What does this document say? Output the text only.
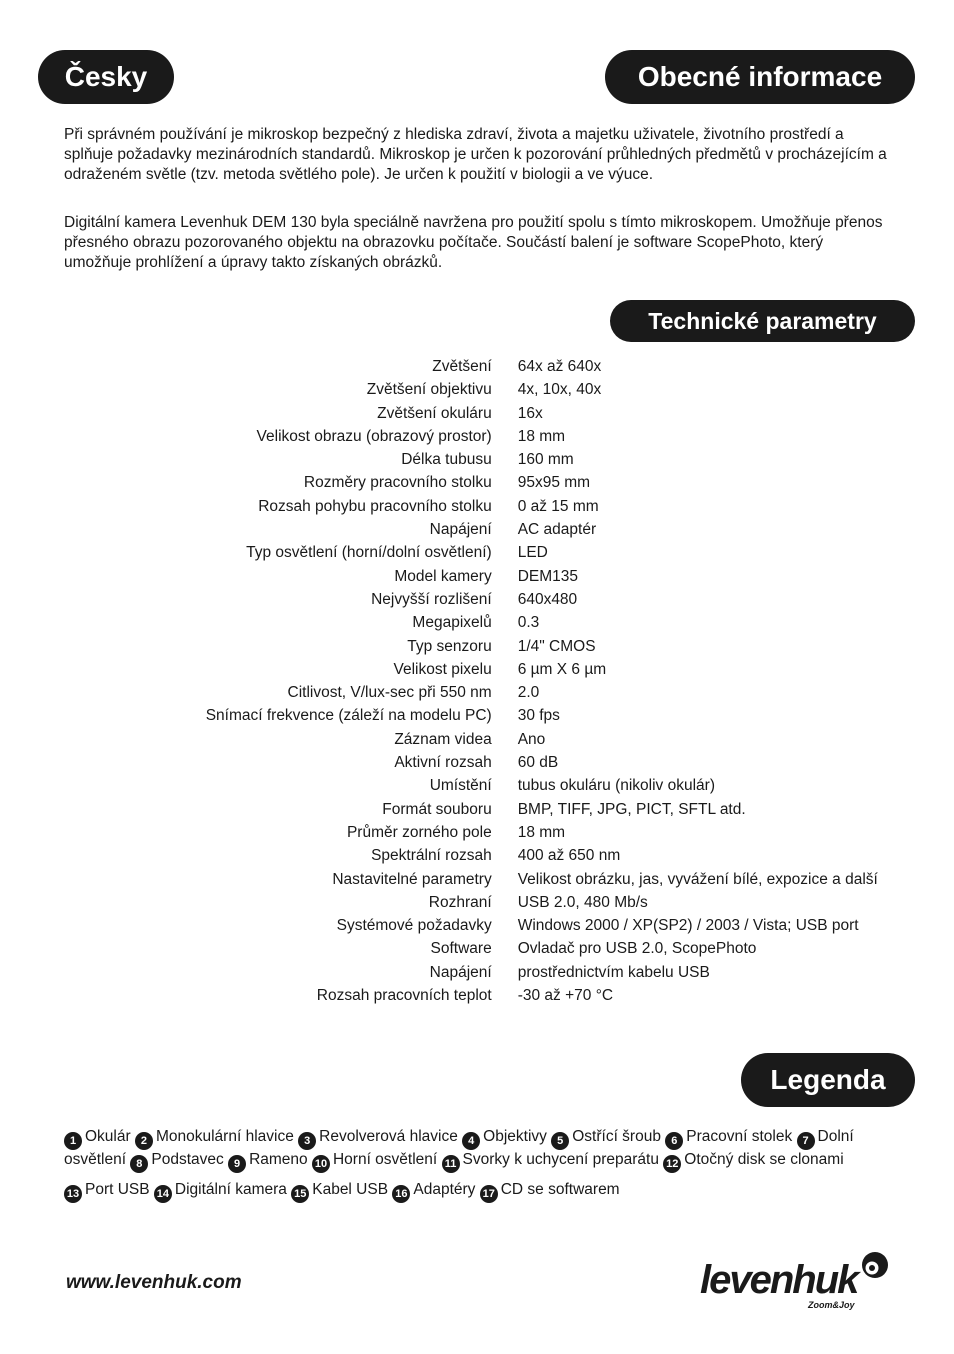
Česky	Obecné informace

Při správném používání je mikroskop bezpečný z hlediska zdraví, života a majetku uživatele, životního prostředí a splňuje požadavky mezinárodních standardů. Mikroskop je určen k pozorování průhledných předmětů v procházejícím a odraženém světle (tzv. metoda světlého pole). Je určen k použití v biologii a ve výuce.

Digitální kamera Levenhuk DEM 130 byla speciálně navržena pro použití spolu s tímto mikroskopem. Umožňuje přenos přesného obrazu pozorovaného objektu na obrazovku počítače. Součástí balení je software ScopePhoto, který umožňuje prohlížení a úpravy takto získaných obrázků.

Technické parametry
Zvětšení	64x až 640x
Zvětšení objektivu	4x, 10x, 40x
Zvětšení okuláru	16x
Velikost obrazu (obrazový prostor)	18 mm
Délka tubusu	160 mm
Rozměry pracovního stolku	95x95 mm
Rozsah pohybu pracovního stolku	0 až 15 mm
Napájení	AC adaptér
Typ osvětlení (horní/dolní osvětlení)	LED
Model kamery	DEM135
Nejvyšší rozlišení	640x480
Megapixelů	0.3
Typ senzoru	1/4" CMOS
Velikost pixelu	6 µm X 6 µm
Citlivost, V/lux-sec při 550 nm	2.0
Snímací frekvence (záleží na modelu PC)	30 fps
Záznam videa	Ano
Aktivní rozsah	60 dB
Umístění	tubus okuláru (nikoliv okulár)
Formát souboru	BMP, TIFF, JPG, PICT, SFTL atd.
Průměr zorného pole	18 mm
Spektrální rozsah	400 až 650 nm
Nastavitelné parametry	Velikost obrázku, jas, vyvážení bílé, expozice a další
Rozhraní	USB 2.0, 480 Mb/s
Systémové požadavky	Windows 2000 / XP(SP2) / 2003 / Vista; USB port
Software	Ovladač pro USB 2.0, ScopePhoto
Napájení	prostřednictvím kabelu USB
Rozsah pracovních teplot	-30 až +70 °C
Legenda

1 Okulár 2 Monokulární hlavice 3 Revolverová hlavice 4 Objektivy 5 Ostřící šroub 6 Pracovní stolek 7 Dolní osvětlení 8 Podstavec 9 Rameno 10 Horní osvětlení 11 Svorky k uchycení preparátu 12 Otočný disk se clonami

13 Port USB 14 Digitální kamera 15 Kabel USB 16 Adaptéry 17 CD se softwarem

www.levenhuk.com	levenhuk
Zoom&Joy
